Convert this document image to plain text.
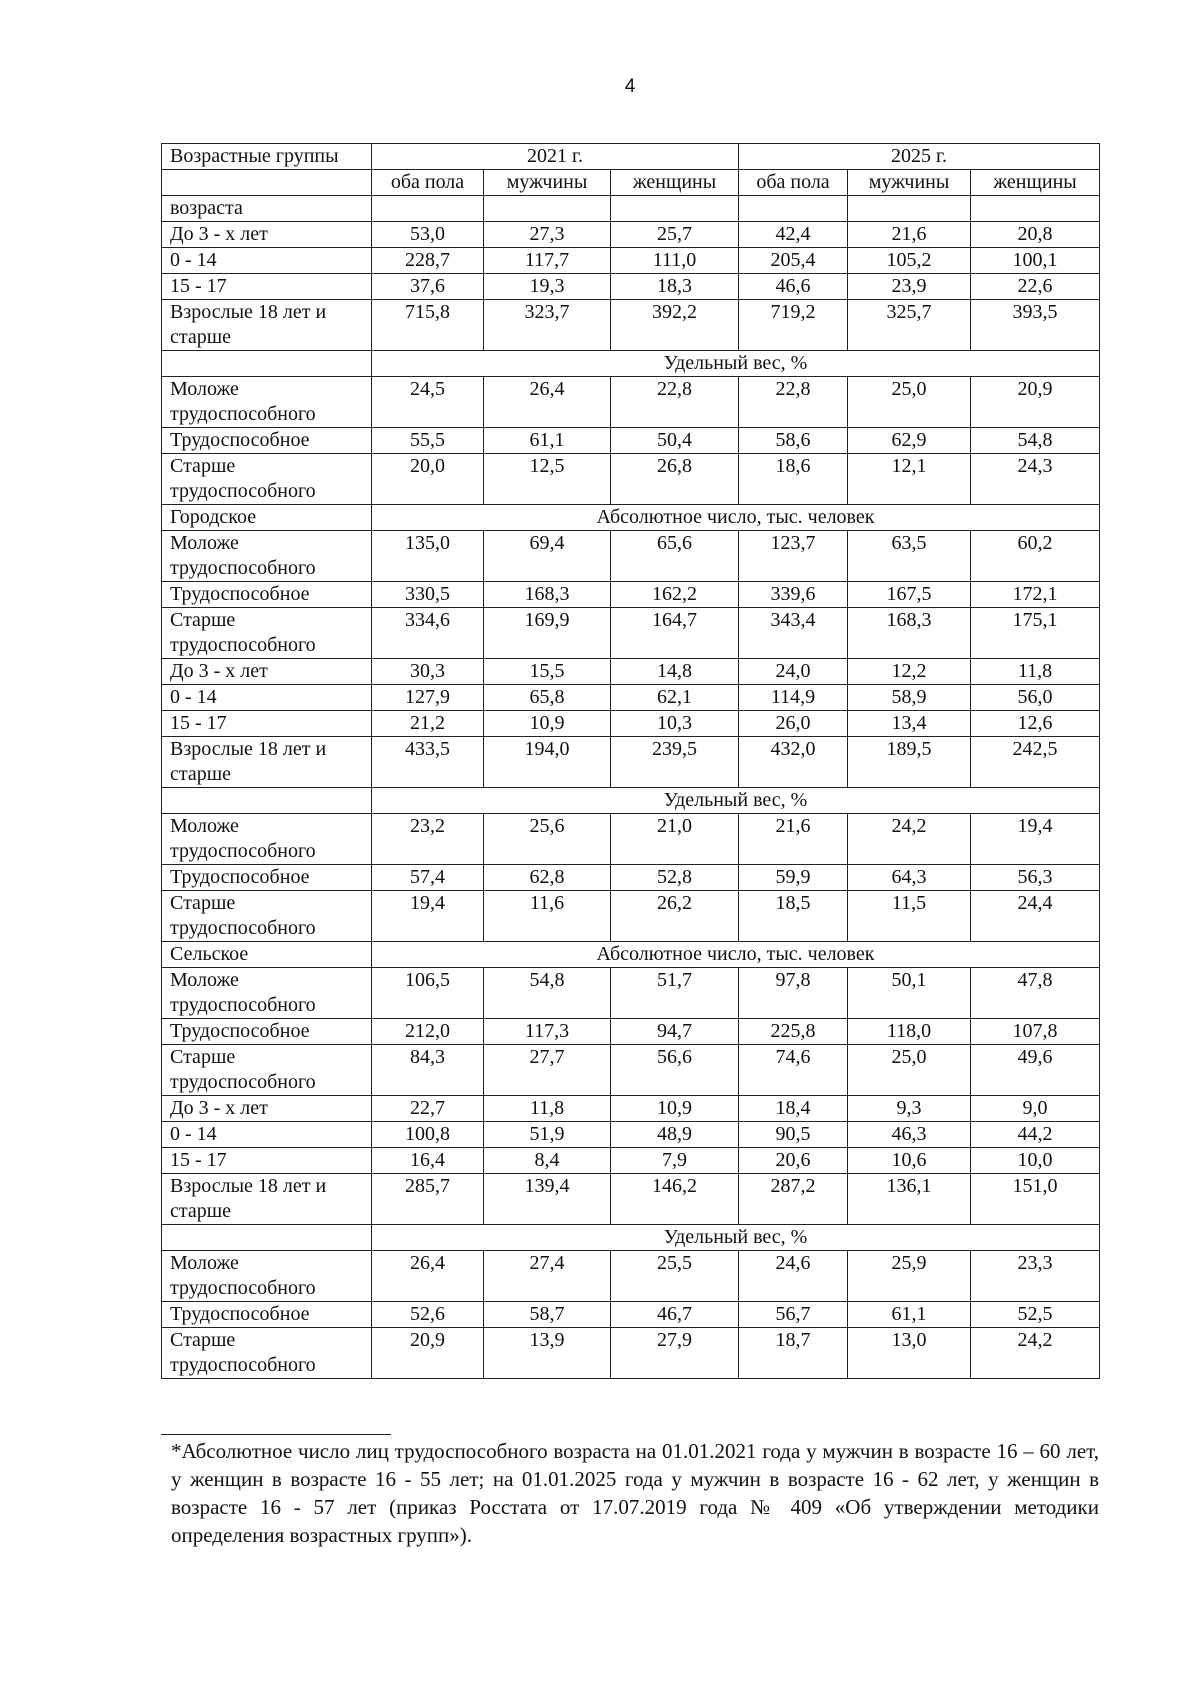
4
Возрастные группы	2021 г.			2025 г.		
	оба пола	мужчины	женщины	оба пола	мужчины	женщины
возраста						
До 3 - х лет	53,0	27,3	25,7	42,4	21,6	20,8
0 - 14	228,7	117,7	111,0	205,4	105,2	100,1
15 - 17	37,6	19,3	18,3	46,6	23,9	22,6
Взрослые 18 лет и старше	715,8	323,7	392,2	719,2	325,7	393,5
	Удельный вес, %					
Моложе трудоспособного	24,5	26,4	22,8	22,8	25,0	20,9
Трудоспособное	55,5	61,1	50,4	58,6	62,9	54,8
Старше трудоспособного	20,0	12,5	26,8	18,6	12,1	24,3
Городское	Абсолютное число, тыс. человек					
Моложе трудоспособного	135,0	69,4	65,6	123,7	63,5	60,2
Трудоспособное	330,5	168,3	162,2	339,6	167,5	172,1
Старше трудоспособного	334,6	169,9	164,7	343,4	168,3	175,1
До 3 - х лет	30,3	15,5	14,8	24,0	12,2	11,8
0 - 14	127,9	65,8	62,1	114,9	58,9	56,0
15 - 17	21,2	10,9	10,3	26,0	13,4	12,6
Взрослые 18 лет и старше	433,5	194,0	239,5	432,0	189,5	242,5
	Удельный вес, %					
Моложе трудоспособного	23,2	25,6	21,0	21,6	24,2	19,4
Трудоспособное	57,4	62,8	52,8	59,9	64,3	56,3
Старше трудоспособного	19,4	11,6	26,2	18,5	11,5	24,4
Сельское	Абсолютное число, тыс. человек					
Моложе трудоспособного	106,5	54,8	51,7	97,8	50,1	47,8
Трудоспособное	212,0	117,3	94,7	225,8	118,0	107,8
Старше трудоспособного	84,3	27,7	56,6	74,6	25,0	49,6
До 3 - х лет	22,7	11,8	10,9	18,4	9,3	9,0
0 - 14	100,8	51,9	48,9	90,5	46,3	44,2
15 - 17	16,4	8,4	7,9	20,6	10,6	10,0
Взрослые 18 лет и старше	285,7	139,4	146,2	287,2	136,1	151,0
	Удельный вес, %					
Моложе трудоспособного	26,4	27,4	25,5	24,6	25,9	23,3
Трудоспособное	52,6	58,7	46,7	56,7	61,1	52,5
Старше трудоспособного	20,9	13,9	27,9	18,7	13,0	24,2
*Абсолютное число лиц трудоспособного возраста на 01.01.2021 года у мужчин в возрасте 16 – 60 лет, у женщин в возрасте 16 - 55 лет; на 01.01.2025 года у мужчин в возрасте 16 - 62 лет, у женщин в возрасте 16 - 57 лет (приказ Росстата от 17.07.2019 года № 409 «Об утверждении методики определения возрастных групп»).
